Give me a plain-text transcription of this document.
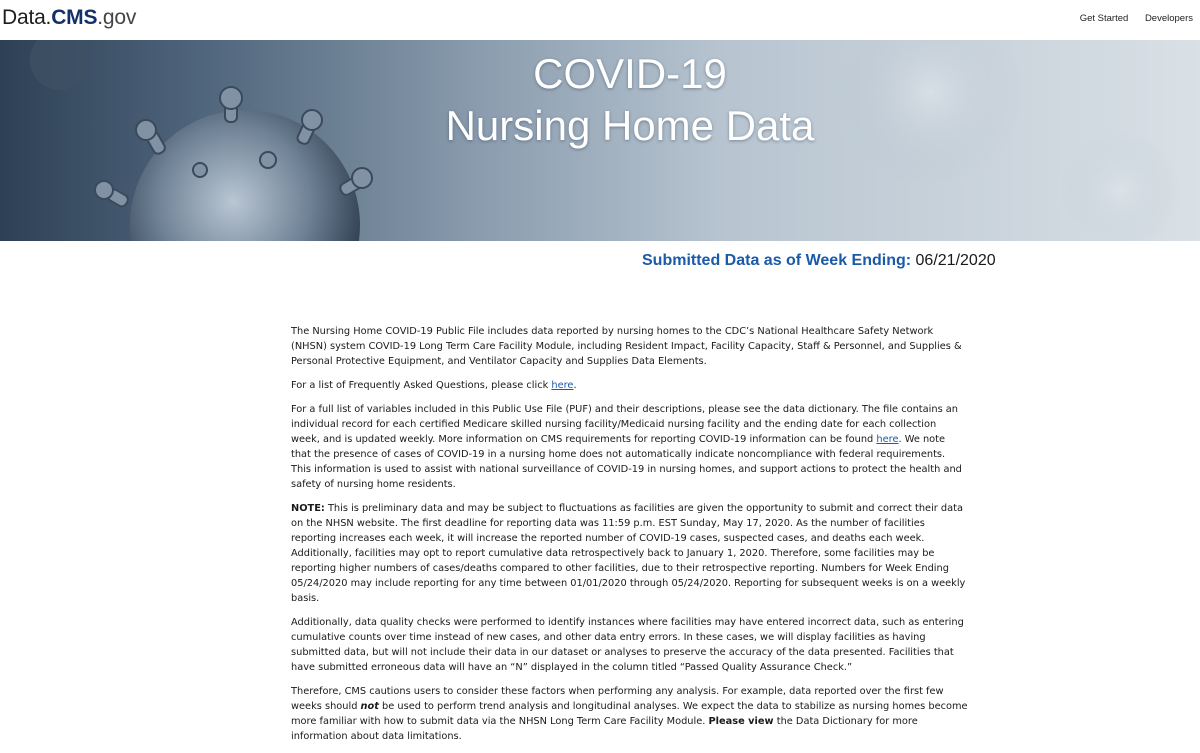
Data.CMS.gov	Get Started Developers
COVID-19
Nursing Home Data
Submitted Data as of Week Ending: 06/21/2020

The Nursing Home COVID-19 Public File includes data reported by nursing homes to the CDC’s National Healthcare Safety Network (NHSN) system COVID-19 Long Term Care Facility Module, including Resident Impact, Facility Capacity, Staff & Personnel, and Supplies & Personal Protective Equipment, and Ventilator Capacity and Supplies Data Elements.

For a list of Frequently Asked Questions, please click here.

For a full list of variables included in this Public Use File (PUF) and their descriptions, please see the data dictionary. The file contains an individual record for each certified Medicare skilled nursing facility/Medicaid nursing facility and the ending date for each collection week, and is updated weekly. More information on CMS requirements for reporting COVID-19 information can be found here. We note that the presence of cases of COVID-19 in a nursing home does not automatically indicate noncompliance with federal requirements. This information is used to assist with national surveillance of COVID-19 in nursing homes, and support actions to protect the health and safety of nursing home residents.

NOTE: This is preliminary data and may be subject to fluctuations as facilities are given the opportunity to submit and correct their data on the NHSN website. The first deadline for reporting data was 11:59 p.m. EST Sunday, May 17, 2020. As the number of facilities reporting increases each week, it will increase the reported number of COVID-19 cases, suspected cases, and deaths each week. Additionally, facilities may opt to report cumulative data retrospectively back to January 1, 2020. Therefore, some facilities may be reporting higher numbers of cases/deaths compared to other facilities, due to their retrospective reporting. Numbers for Week Ending 05/24/2020 may include reporting for any time between 01/01/2020 through 05/24/2020. Reporting for subsequent weeks is on a weekly basis.

Additionally, data quality checks were performed to identify instances where facilities may have entered incorrect data, such as entering cumulative counts over time instead of new cases, and other data entry errors. In these cases, we will display facilities as having submitted data, but will not include their data in our dataset or analyses to preserve the accuracy of the data presented. Facilities that have submitted erroneous data will have an “N” displayed in the column titled “Passed Quality Assurance Check.”

Therefore, CMS cautions users to consider these factors when performing any analysis. For example, data reported over the first few weeks should not be used to perform trend analysis and longitudinal analyses. We expect the data to stabilize as nursing homes become more familiar with how to submit data via the NHSN Long Term Care Facility Module. Please view the Data Dictionary for more information about data limitations.
